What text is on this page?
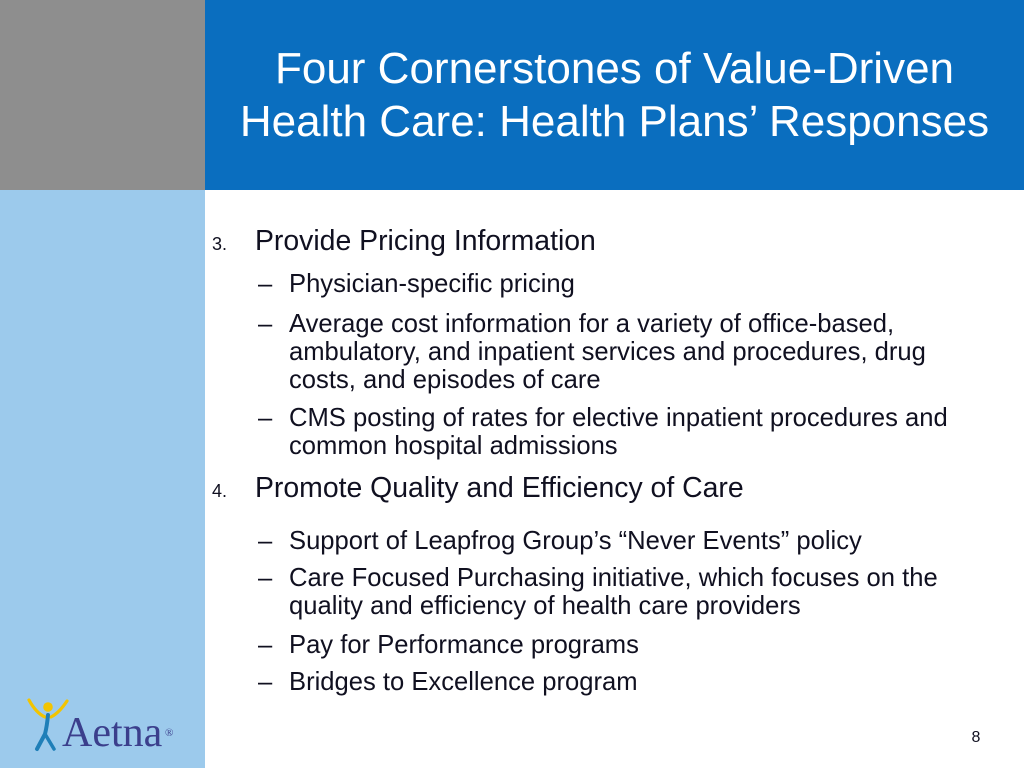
Four Cornerstones of Value-Driven Health Care: Health Plans’ Responses
3. Provide Pricing Information
– Physician-specific pricing
– Average cost information for a variety of office-based, ambulatory, and inpatient services and procedures, drug costs, and episodes of care
– CMS posting of rates for elective inpatient procedures and common hospital admissions
4. Promote Quality and Efficiency of Care
– Support of Leapfrog Group’s “Never Events” policy
– Care Focused Purchasing initiative, which focuses on the quality and efficiency of health care providers
– Pay for Performance programs
– Bridges to Excellence program
Aetna ®	8
